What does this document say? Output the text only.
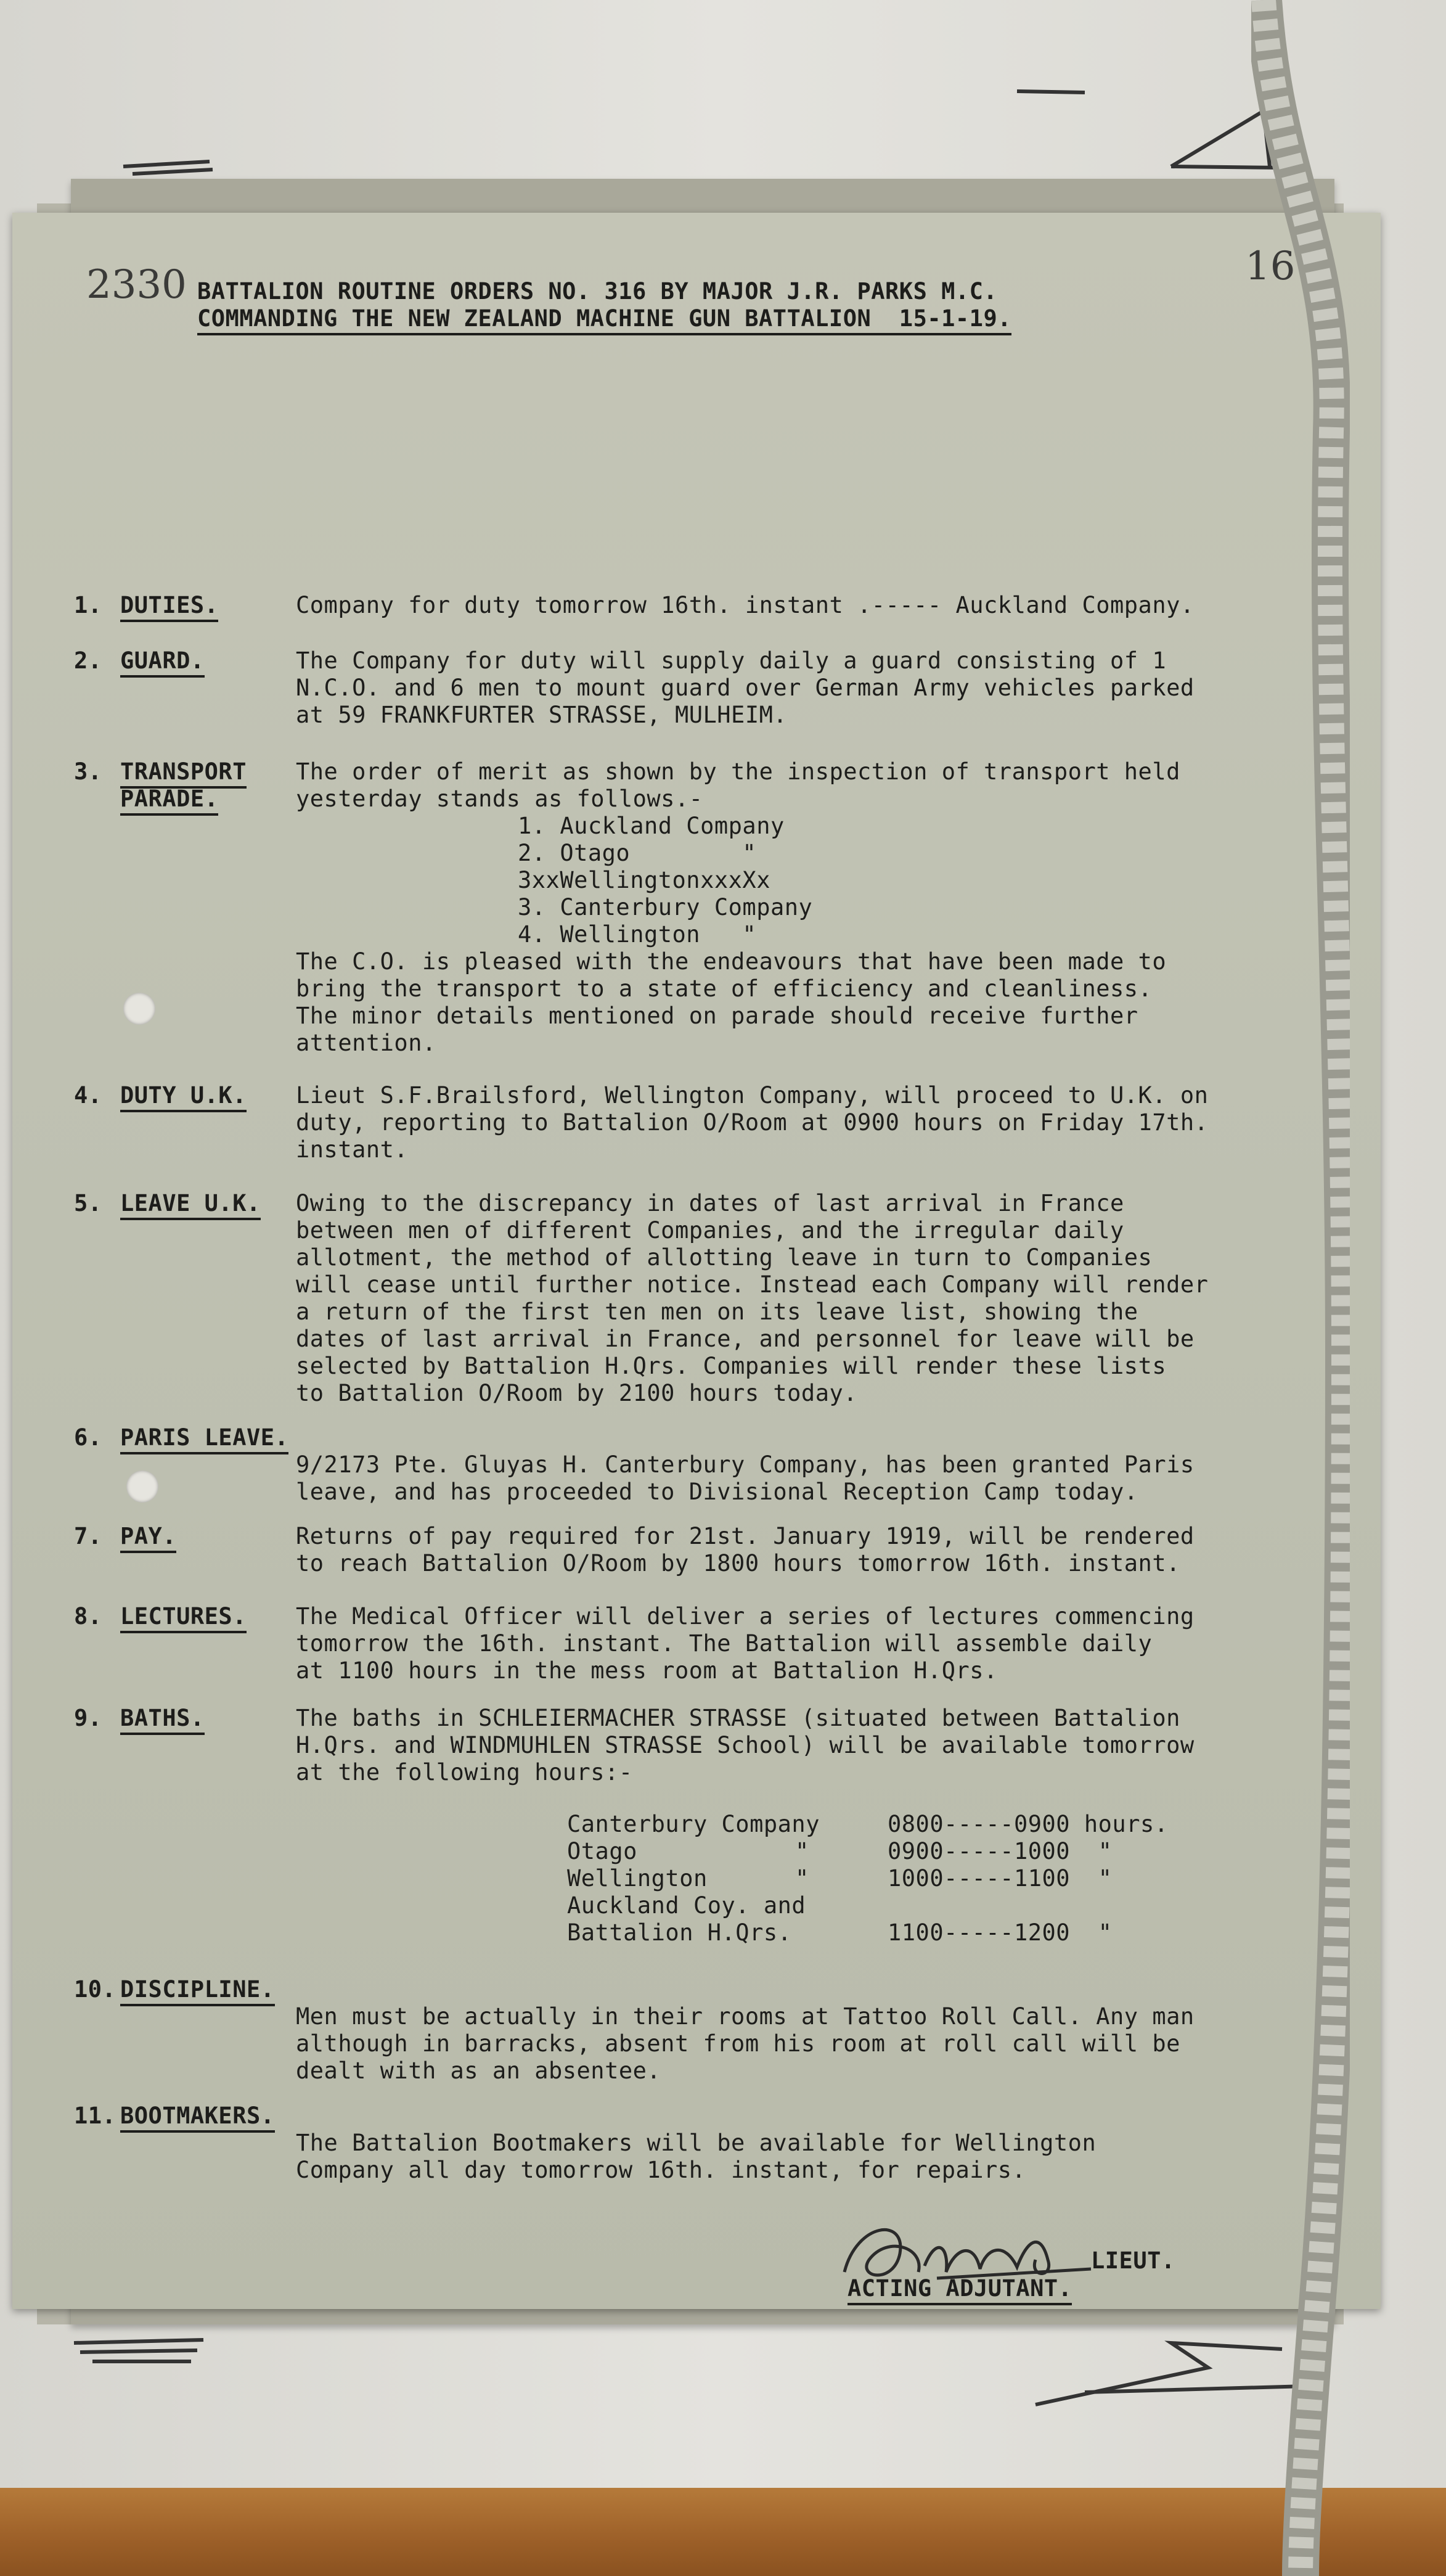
2330	16
BATTALION ROUTINE ORDERS NO. 316 BY MAJOR J.R. PARKS M.C.
COMMANDING THE NEW ZEALAND MACHINE GUN BATTALION  15-1-19.
1. DUTIES.	Company for duty tomorrow 16th. instant .----- Auckland Company.
2. GUARD.	The Company for duty will supply daily a guard consisting of 1
N.C.O. and 6 men to mount guard over German Army vehicles parked
at 59 FRANKFURTER STRASSE, MULHEIM.
3. TRANSPORT
PARADE.
The order of merit as shown by the inspection of transport held
yesterday stands as follows.-
1. Auckland Company
2. Otago        "
3xxWellingtonxxxXx
3. Canterbury Company
4. Wellington   "
The C.O. is pleased with the endeavours that have been made to
bring the transport to a state of efficiency and cleanliness.
The minor details mentioned on parade should receive further
attention.
4. DUTY U.K. Lieut S.F.Brailsford, Wellington Company, will proceed to U.K. on
duty, reporting to Battalion O/Room at 0900 hours on Friday 17th.
instant.
5. LEAVE U.K. Owing to the discrepancy in dates of last arrival in France
between men of different Companies, and the irregular daily
allotment, the method of allotting leave in turn to Companies
will cease until further notice. Instead each Company will render
a return of the first ten men on its leave list, showing the
dates of last arrival in France, and personnel for leave will be
selected by Battalion H.Qrs. Companies will render these lists
to Battalion O/Room by 2100 hours today.
6. PARIS LEAVE.
9/2173 Pte. Gluyas H. Canterbury Company, has been granted Paris
leave, and has proceeded to Divisional Reception Camp today.
7. PAY.	Returns of pay required for 21st. January 1919, will be rendered
to reach Battalion O/Room by 1800 hours tomorrow 16th. instant.
8. LECTURES. The Medical Officer will deliver a series of lectures commencing
tomorrow the 16th. instant. The Battalion will assemble daily
at 1100 hours in the mess room at Battalion H.Qrs.
9. BATHS.	The baths in SCHLEIERMACHER STRASSE (situated between Battalion
H.Qrs. and WINDMUHLEN STRASSE School) will be available tomorrow
at the following hours:-
Canterbury Company	0800-----0900 hours.
Otago	"	0900-----1000  "
Wellington	"	1000-----1100  "
Auckland Coy. and
Battalion H.Qrs.	1100-----1200  "
10. DISCIPLINE.
Men must be actually in their rooms at Tattoo Roll Call. Any man
although in barracks, absent from his room at roll call will be
dealt with as an absentee.
11. BOOTMAKERS.
The Battalion Bootmakers will be available for Wellington
Company all day tomorrow 16th. instant, for repairs.
LIEUT.
ACTING ADJUTANT.
